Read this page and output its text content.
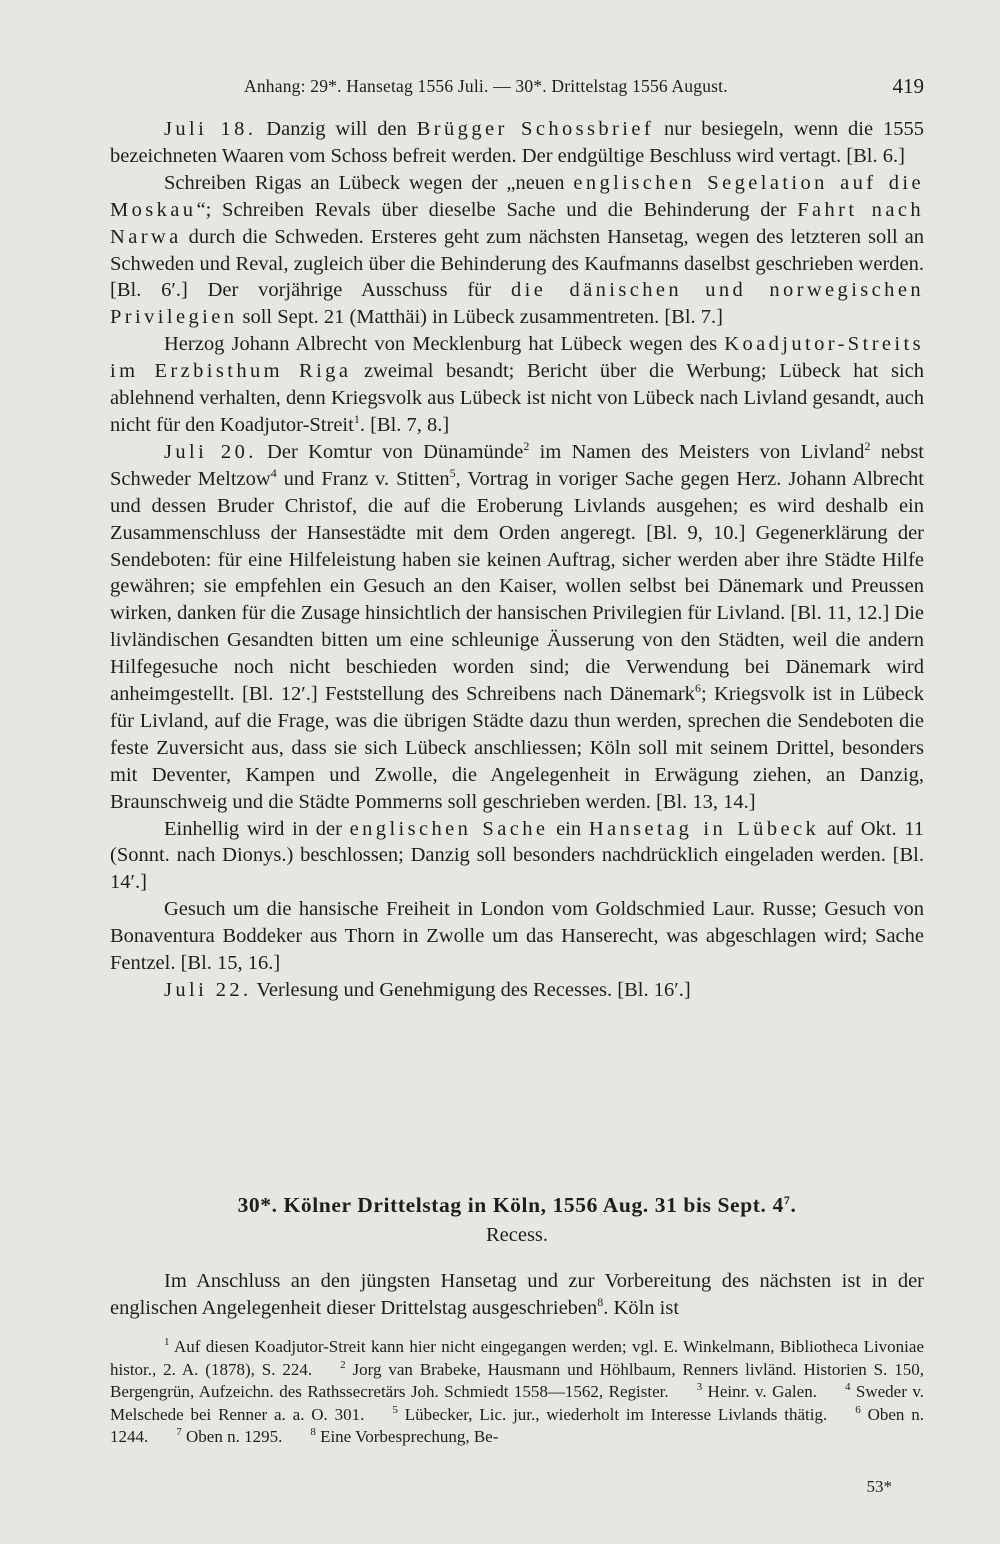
Anhang: 29*. Hansetag 1556 Juli. — 30*. Drittelstag 1556 August.	419

Juli 18. Danzig will den Brügger Schossbrief nur besiegeln, wenn die 1555 bezeichneten Waaren vom Schoss befreit werden. Der endgültige Beschluss wird vertagt. [Bl. 6.]

Schreiben Rigas an Lübeck wegen der „neuen englischen Segelation auf die Moskau“; Schreiben Revals über dieselbe Sache und die Behinderung der Fahrt nach Narwa durch die Schweden. Ersteres geht zum nächsten Hansetag, wegen des letzteren soll an Schweden und Reval, zugleich über die Behinderung des Kaufmanns daselbst geschrieben werden. [Bl. 6′.] Der vorjährige Ausschuss für die dänischen und norwegischen Privilegien soll Sept. 21 (Matthäi) in Lübeck zusammentreten. [Bl. 7.]

Herzog Johann Albrecht von Mecklenburg hat Lübeck wegen des Koadjutor-Streits im Erzbisthum Riga zweimal besandt; Bericht über die Werbung; Lübeck hat sich ablehnend verhalten, denn Kriegsvolk aus Lübeck ist nicht von Lübeck nach Livland gesandt, auch nicht für den Koadjutor-Streit$^1$. [Bl. 7, 8.]

Juli 20. Der Komtur von Dünamünde$^2$ im Namen des Meisters von Livland$^2$ nebst Schweder Meltzow$^4$ und Franz v. Stitten$^5$, Vortrag in voriger Sache gegen Herz. Johann Albrecht und dessen Bruder Christof, die auf die Eroberung Livlands ausgehen; es wird deshalb ein Zusammenschluss der Hansestädte mit dem Orden angeregt. [Bl. 9, 10.] Gegenerklärung der Sendeboten: für eine Hilfeleistung haben sie keinen Auftrag, sicher werden aber ihre Städte Hilfe gewähren; sie empfehlen ein Gesuch an den Kaiser, wollen selbst bei Dänemark und Preussen wirken, danken für die Zusage hinsichtlich der hansischen Privilegien für Livland. [Bl. 11, 12.] Die livländischen Gesandten bitten um eine schleunige Äusserung von den Städten, weil die andern Hilfegesuche noch nicht beschieden worden sind; die Verwendung bei Dänemark wird anheimgestellt. [Bl. 12′.] Feststellung des Schreibens nach Dänemark$^6$; Kriegsvolk ist in Lübeck für Livland, auf die Frage, was die übrigen Städte dazu thun werden, sprechen die Sendeboten die feste Zuversicht aus, dass sie sich Lübeck anschliessen; Köln soll mit seinem Drittel, besonders mit Deventer, Kampen und Zwolle, die Angelegenheit in Erwägung ziehen, an Danzig, Braunschweig und die Städte Pommerns soll geschrieben werden. [Bl. 13, 14.]

Einhellig wird in der englischen Sache ein Hansetag in Lübeck auf Okt. 11 (Sonnt. nach Dionys.) beschlossen; Danzig soll besonders nachdrücklich eingeladen werden. [Bl. 14′.]

Gesuch um die hansische Freiheit in London vom Goldschmied Laur. Russe; Gesuch von Bonaventura Boddeker aus Thorn in Zwolle um das Hanserecht, was abgeschlagen wird; Sache Fentzel. [Bl. 15, 16.]

Juli 22. Verlesung und Genehmigung des Recesses. [Bl. 16′.]

30*. Kölner Drittelstag in Köln, 1556 Aug. 31 bis Sept. $4^7$.
Recess.

Im Anschluss an den jüngsten Hansetag und zur Vorbereitung des nächsten ist in der englischen Angelegenheit dieser Drittelstag ausgeschrieben$^8$. Köln ist

$^1$ Auf diesen Koadjutor-Streit kann hier nicht eingegangen werden; vgl. E. Winkelmann, Bibliotheca Livoniae histor., 2. A. (1878), S. 224.	$^2$ Jorg van Brabeke, Hausmann und Höhlbaum, Renners livländ. Historien S. 150, Bergengrün, Aufzeichn. des Rathssecretärs Joh. Schmiedt 1558—1562, Register.	$^3$ Heinr. v. Galen.	$^4$ Sweder v. Melschede bei Renner a. a. O. 301.	$^5$ Lübecker, Lic. jur., wiederholt im Interesse Livlands thätig.	$^6$ Oben n. 1244.	$^7$ Oben n. 1295.	$^8$ Eine Vorbesprechung, Be-

53*
